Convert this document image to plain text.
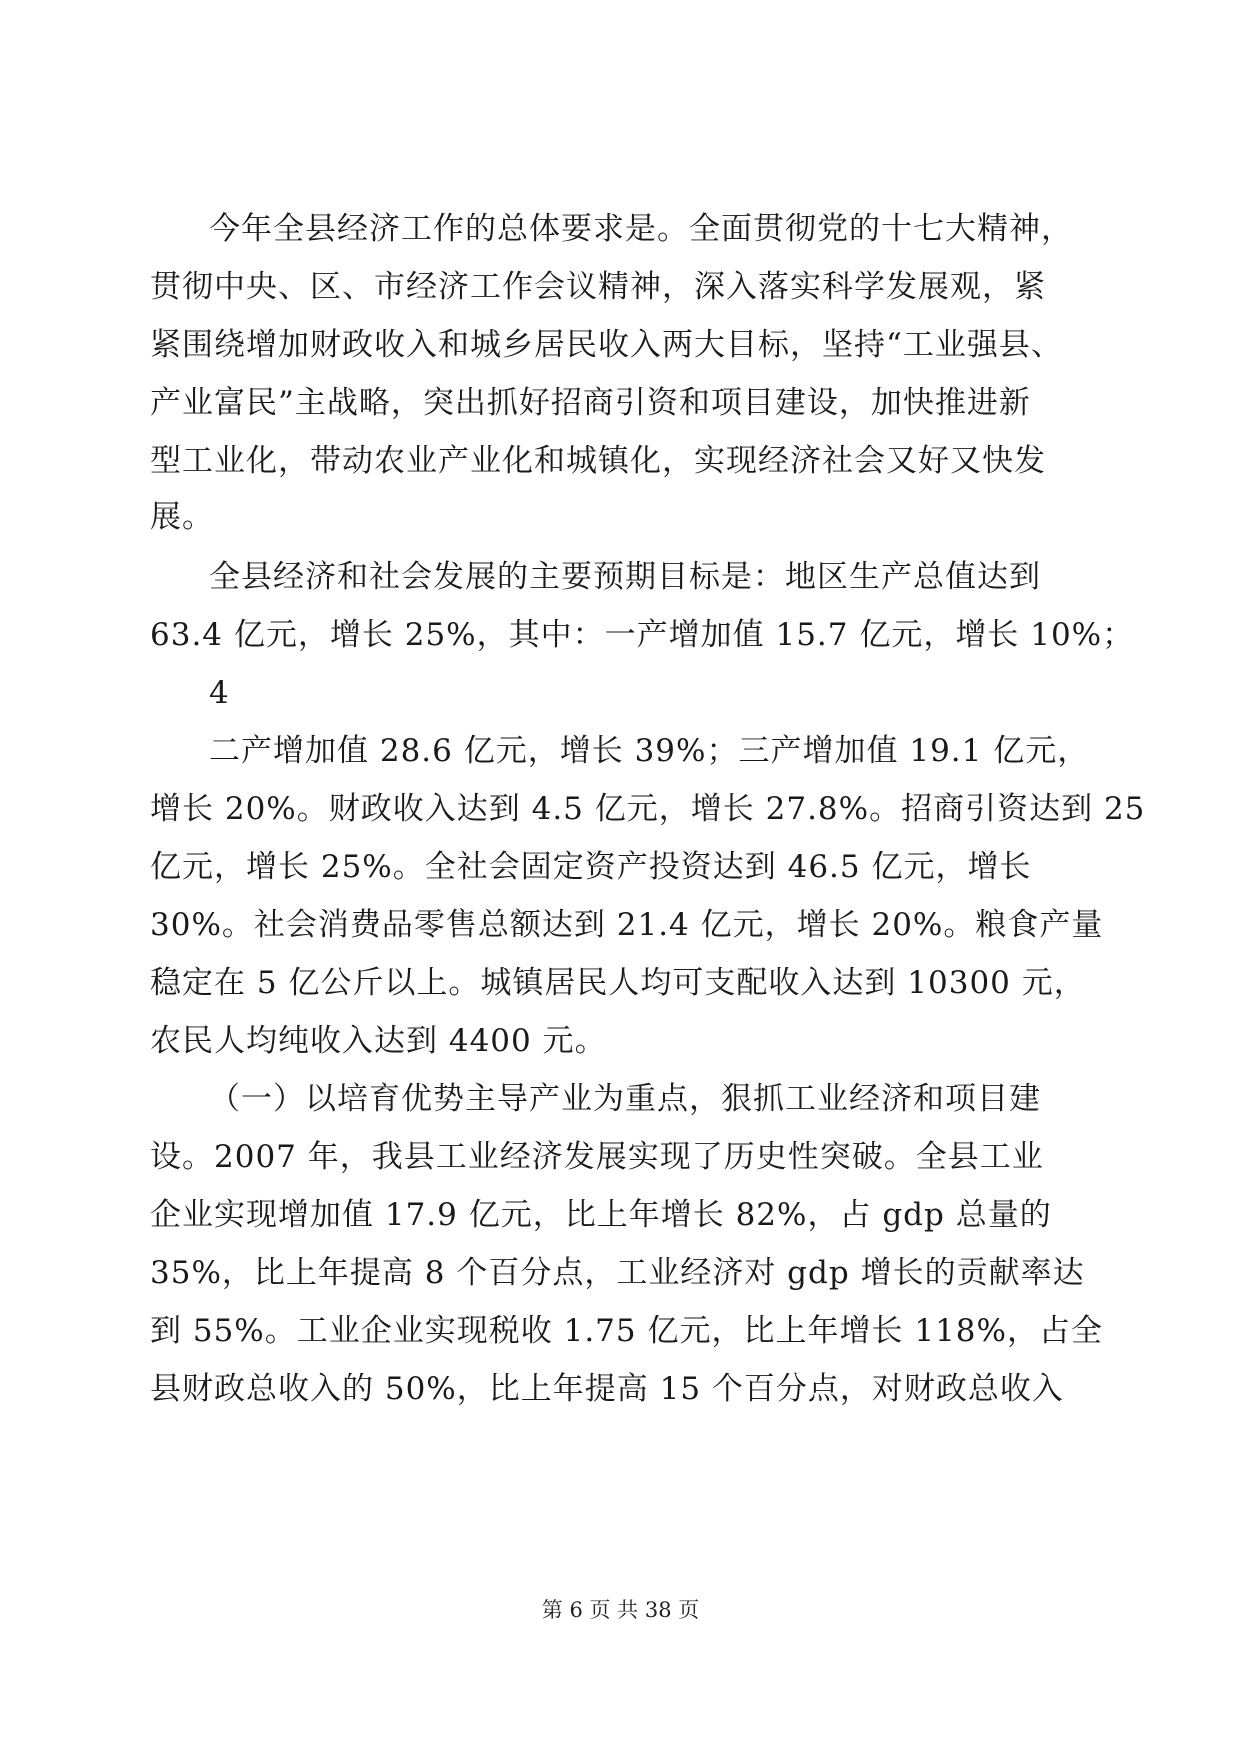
今年全县经济工作的总体要求是。全面贯彻党的十七大精神，
贯彻中央、区、市经济工作会议精神，深入落实科学发展观，紧
紧围绕增加财政收入和城乡居民收入两大目标，坚持“工业强县、
产业富民”主战略，突出抓好招商引资和项目建设，加快推进新
型工业化，带动农业产业化和城镇化，实现经济社会又好又快发
展。
全县经济和社会发展的主要预期目标是：地区生产总值达到
63.4 亿元，增长 25%，其中：一产增加值 15.7 亿元，增长 10%；
4
二产增加值 28.6 亿元，增长 39%；三产增加值 19.1 亿元，
增长 20%。财政收入达到 4.5 亿元，增长 27.8%。招商引资达到 25
亿元，增长 25%。全社会固定资产投资达到 46.5 亿元，增长
30%。社会消费品零售总额达到 21.4 亿元，增长 20%。粮食产量
稳定在 5 亿公斤以上。城镇居民人均可支配收入达到 10300 元，
农民人均纯收入达到 4400 元。
（一）以培育优势主导产业为重点，狠抓工业经济和项目建
设。2007 年，我县工业经济发展实现了历史性突破。全县工业
企业实现增加值 17.9 亿元，比上年增长 82%，占 gdp 总量的
35%，比上年提高 8 个百分点，工业经济对 gdp 增长的贡献率达
到 55%。工业企业实现税收 1.75 亿元，比上年增长 118%，占全
县财政总收入的 50%，比上年提高 15 个百分点，对财政总收入
第 6 页 共 38 页
